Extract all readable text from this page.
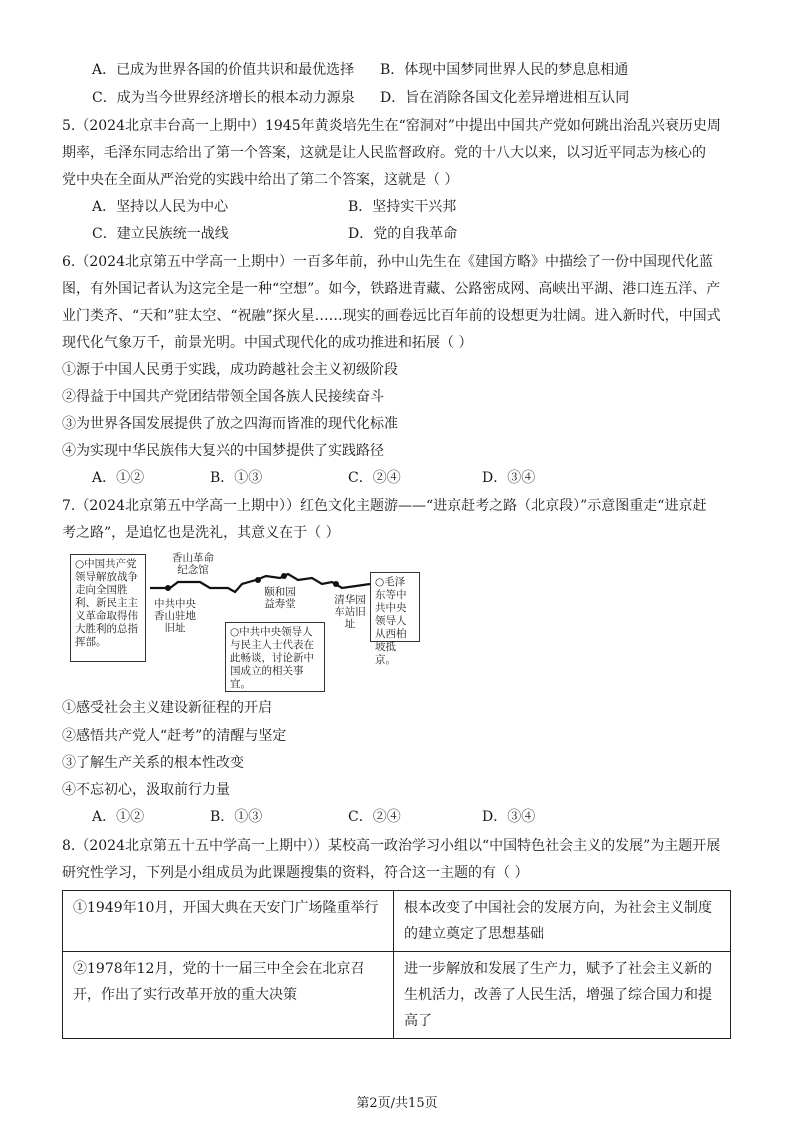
A．已成为世界各国的价值共识和最优选择 B．体现中国梦同世界人民的梦息息相通
C．成为当今世界经济增长的根本动力源泉 D．旨在消除各国文化差异增进相互认同
5.（2024北京丰台高一上期中）1945年黄炎培先生在“窑洞对”中提出中国共产党如何跳出治乱兴衰历史周
期率，毛泽东同志给出了第一个答案，这就是让人民监督政府。党的十八大以来，以习近平同志为核心的
党中央在全面从严治党的实践中给出了第二个答案，这就是（ ）
A．坚持以人民为中心	B．坚持实干兴邦
C．建立民族统一战线	D．党的自我革命
6.（2024北京第五中学高一上期中）一百多年前，孙中山先生在《建国方略》中描绘了一份中国现代化蓝
图，有外国记者认为这完全是一种“空想”。如今，铁路进青藏、公路密成网、高峡出平湖、港口连五洋、产
业门类齐、“天和”驻太空、“祝融”探火星……现实的画卷远比百年前的设想更为壮阔。进入新时代，中国式
现代化气象万千，前景光明。中国式现代化的成功推进和拓展（ ）
①源于中国人民勇于实践，成功跨越社会主义初级阶段
②得益于中国共产党团结带领全国各族人民接续奋斗
③为世界各国发展提供了放之四海而皆准的现代化标准
④为实现中华民族伟大复兴的中国梦提供了实践路径
A．①②	B．①③	C．②④	D．③④
7.（2024北京第五中学高一上期中））红色文化主题游——“进京赶考之路（北京段）”示意图重走“进京赶
考之路”，是追忆也是洗礼，其意义在于（ ）
○中国共产党领导解放战争走向全国胜利、新民主主义革命取得伟大胜利的总指挥部。
○毛泽东等中共中央领导人从西柏坡抵京。
○中共中央领导人与民主人士代表在此畅谈，讨论新中国成立的相关事宜。
中共中央香山驻地旧址
香山革命纪念馆
颐和园益寿堂	清华园车站旧址
①感受社会主义建设新征程的开启
②感悟共产党人“赶考”的清醒与坚定
③了解生产关系的根本性改变
④不忘初心，汲取前行力量
A．①②	B．①③	C．②④	D．③④
8.（2024北京第五十五中学高一上期中））某校高一政治学习小组以“中国特色社会主义的发展”为主题开展
研究性学习，下列是小组成员为此课题搜集的资料，符合这一主题的有（ ）
①1949年10月，开国大典在天安门广场隆重举行	根本改变了中国社会的发展方向，为社会主义制度的建立奠定了思想基础
②1978年12月，党的十一届三中全会在北京召开，作出了实行改革开放的重大决策	进一步解放和发展了生产力，赋予了社会主义新的生机活力，改善了人民生活，增强了综合国力和提高了
第2页/共15页
